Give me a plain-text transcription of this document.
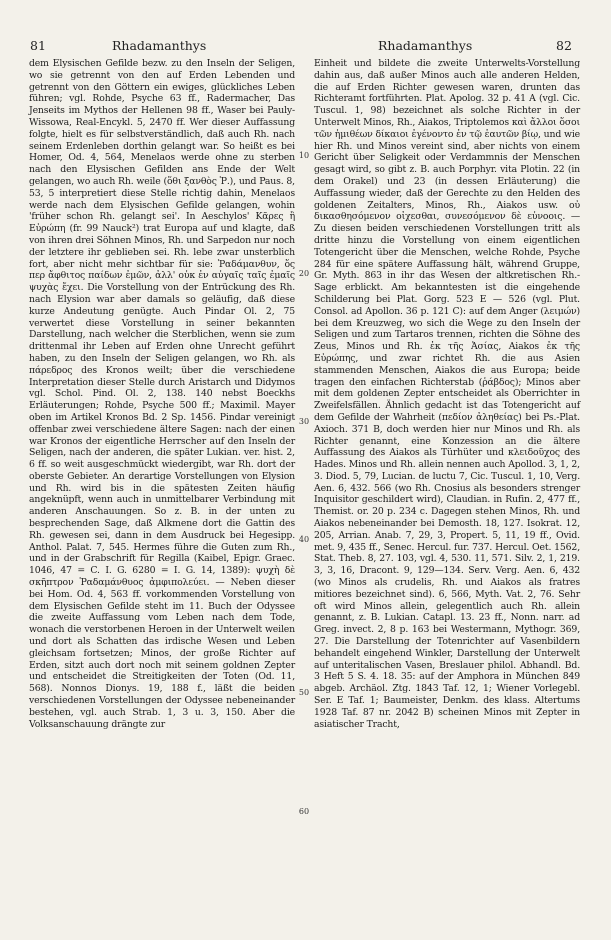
81	Rhadamanthys	Rhadamanthys	82

dem Elysischen Gefilde bezw. zu den Inseln der Seligen, wo sie getrennt von den auf Erden Lebenden und getrennt von den Göttern ein ewiges, glückliches Leben führen; vgl. Rohde, Psyche 63 ff., Radermacher, Das Jenseits im Mythos der Hellenen 98 ff., Waser bei Pauly-Wissowa, Real-Encykl. 5, 2470 ff. Wer dieser Auffassung folgte, hielt es für selbstverständlich, daß auch Rh. nach seinem Erdenleben dorthin gelangt war. So heißt es bei Homer, Od. 4, 564, Menelaos werde ohne zu sterben nach den Elysischen Gefilden ans Ende der Welt gelangen, wo auch Rh. weile (ὅθι ξανθὸς Ῥ.), und Paus. 8, 53, 5 interpretiert diese Stelle richtig dahin, Menelaos werde nach dem Elysischen Gefilde gelangen, wohin 'früher schon Rh. gelangt sei'. In Aeschylos' Κᾶρες ἢ Εὐρώπη (fr. 99 Nauck²) trat Europa auf und klagte, daß von ihren drei Söhnen Minos, Rh. und Sarpedon nur noch der letztere ihr geblieben sei. Rh. lebe zwar unsterblich fort, aber nicht mehr sichtbar für sie: Ῥαδάμανθυν, ὅς περ ἄφθιτος παίδων ἐμῶν, ἀλλ' οὐκ ἐν αὐγαῖς ταῖς ἐμαῖς ψυχὰς ἔχει. Die Vorstellung von der Entrückung des Rh. nach Elysion war aber damals so geläufig, daß diese kurze Andeutung genügte. Auch Pindar Ol. 2, 75 verwertet diese Vorstellung in seiner bekannten Darstellung, nach welcher die Sterblichen, wenn sie zum drittenmal ihr Leben auf Erden ohne Unrecht geführt haben, zu den Inseln der Seligen gelangen, wo Rh. als πάρεδρος des Kronos weilt; über die verschiedene Interpretation dieser Stelle durch Aristarch und Didymos vgl. Schol. Pind. Ol. 2, 138. 140 nebst Boeckhs Erläuterungen; Rohde, Psyche 500 ff.; Maximil. Mayer oben im Artikel Kronos Bd. 2 Sp. 1456. Pindar vereinigt offenbar zwei verschiedene ältere Sagen: nach der einen war Kronos der eigentliche Herrscher auf den Inseln der Seligen, nach der anderen, die später Lukian. ver. hist. 2, 6 ff. so weit ausgeschmückt wiedergibt, war Rh. dort der oberste Gebieter. An derartige Vorstellungen von Elysion und Rh. wird bis in die spätesten Zeiten häufig angeknüpft, wenn auch in unmittelbarer Verbindung mit anderen Anschauungen. So z. B. in der unten zu besprechenden Sage, daß Alkmene dort die Gattin des Rh. gewesen sei, dann in dem Ausdruck bei Hegesipp. Anthol. Palat. 7, 545. Hermes führe die Guten zum Rh., und in der Grabschrift für Regilla (Kaibel, Epigr. Graec. 1046, 47 = C. I. G. 6280 = I. G. 14, 1389): ψυχὴ δὲ σκῆπτρον Ῥαδαμάνθυος ἀμφιπολεύει. — Neben dieser bei Hom. Od. 4, 563 ff. vorkommenden Vorstellung von dem Elysischen Gefilde steht im 11. Buch der Odyssee die zweite Auffassung vom Leben nach dem Tode, wonach die verstorbenen Heroen in der Unterwelt weilen und dort als Schatten das irdische Wesen und Leben gleichsam fortsetzen; Minos, der große Richter auf Erden, sitzt auch dort noch mit seinem goldnen Zepter und entscheidet die Streitigkeiten der Toten (Od. 11, 568). Nonnos Dionys. 19, 188 f., läßt die beiden verschiedenen Vorstellungen der Odyssee nebeneinander bestehen, vgl. auch Strab. 1, 3 u. 3, 150. Aber die Volksanschauung drängte zur

10
20
30
40
50
60

Einheit und bildete die zweite Unterwelts-Vorstellung dahin aus, daß außer Minos auch alle anderen Helden, die auf Erden Richter gewesen waren, drunten das Richteramt fortführten. Plat. Apolog. 32 p. 41 A (vgl. Cic. Tuscul. 1, 98) bezeichnet als solche Richter in der Unterwelt Minos, Rh., Aiakos, Triptolemos καὶ ἄλλοι ὅσοι τῶν ἡμιθέων δίκαιοι ἐγένοντο ἐν τῷ ἑαυτῶν βίῳ, und wie hier Rh. und Minos vereint sind, aber nichts von einem Gericht über Seligkeit oder Verdammnis der Menschen gesagt wird, so gibt z. B. auch Porphyr. vita Plotin. 22 (in dem Orakel) und 23 (in dessen Erläuterung) die Auffassung wieder, daß der Gerechte zu den Helden des goldenen Zeitalters, Minos, Rh., Aiakos usw. οὐ δικασθησόμενον οἰχεσθαι, συνεσόμενον δὲ εὐνοοις. — Zu diesen beiden verschiedenen Vorstellungen tritt als dritte hinzu die Vorstellung von einem eigentlichen Totengericht über die Menschen, welche Rohde, Psyche 284 für eine spätere Auffassung hält, während Gruppe, Gr. Myth. 863 in ihr das Wesen der altkretischen Rh.-Sage erblickt. Am bekanntesten ist die eingehende Schilderung bei Plat. Gorg. 523 E — 526 (vgl. Plut. Consol. ad Apollon. 36 p. 121 C): auf dem Anger (λειμών) bei dem Kreuzweg, wo sich die Wege zu den Inseln der Seligen und zum Tartaros trennen, richten die Söhne des Zeus, Minos und Rh. ἐκ τῆς Ἀσίας, Aiakos ἐκ τῆς Εὐρώπης, und zwar richtet Rh. die aus Asien stammenden Menschen, Aiakos die aus Europa; beide tragen den einfachen Richterstab (ῥάβδος); Minos aber mit dem goldenen Zepter entscheidet als Oberrichter in Zweifelsfällen. Ähnlich gedacht ist das Totengericht auf dem Gefilde der Wahrheit (πεδίον ἀληθείας) bei Ps.-Plat. Axioch. 371 B, doch werden hier nur Minos und Rh. als Richter genannt, eine Konzession an die ältere Auffassung des Aiakos als Türhüter und κλειδοῦχος des Hades. Minos und Rh. allein nennen auch Apollod. 3, 1, 2, 3. Diod. 5, 79, Lucian. de luctu 7, Cic. Tuscul. 1, 10, Verg. Aen. 6, 432. 566 (wo Rh. Cnosius als besonders strenger Inquisitor geschildert wird), Claudian. in Rufin. 2, 477 ff., Themist. or. 20 p. 234 c. Dagegen stehen Minos, Rh. und Aiakos nebeneinander bei Demosth. 18, 127. Isokrat. 12, 205, Arrian. Anab. 7, 29, 3, Propert. 5, 11, 19 ff., Ovid. met. 9, 435 ff., Senec. Hercul. fur. 737. Hercul. Oet. 1562, Stat. Theb. 8, 27. 103, vgl. 4, 530. 11, 571. Silv. 2, 1, 219. 3, 3, 16, Dracont. 9, 129—134. Serv. Verg. Aen. 6, 432 (wo Minos als crudelis, Rh. und Aiakos als fratres mitiores bezeichnet sind). 6, 566, Myth. Vat. 2, 76. Sehr oft wird Minos allein, gelegentlich auch Rh. allein genannt, z. B. Lukian. Catapl. 13. 23 ff., Nonn. narr. ad Greg. invect. 2, 8 p. 163 bei Westermann, Mythogr. 369, 27. Die Darstellung der Totenrichter auf Vasenbildern behandelt eingehend Winkler, Darstellung der Unterwelt auf unteritalischen Vasen, Breslauer philol. Abhandl. Bd. 3 Heft 5 S. 4. 18. 35: auf der Amphora in München 849 abgeb. Archäol. Ztg. 1843 Taf. 12, 1; Wiener Vorlegebl. Ser. E Taf. 1; Baumeister, Denkm. des klass. Altertums 1928 Taf. 87 nr. 2042 B) scheinen Minos mit Zepter in asiatischer Tracht,
